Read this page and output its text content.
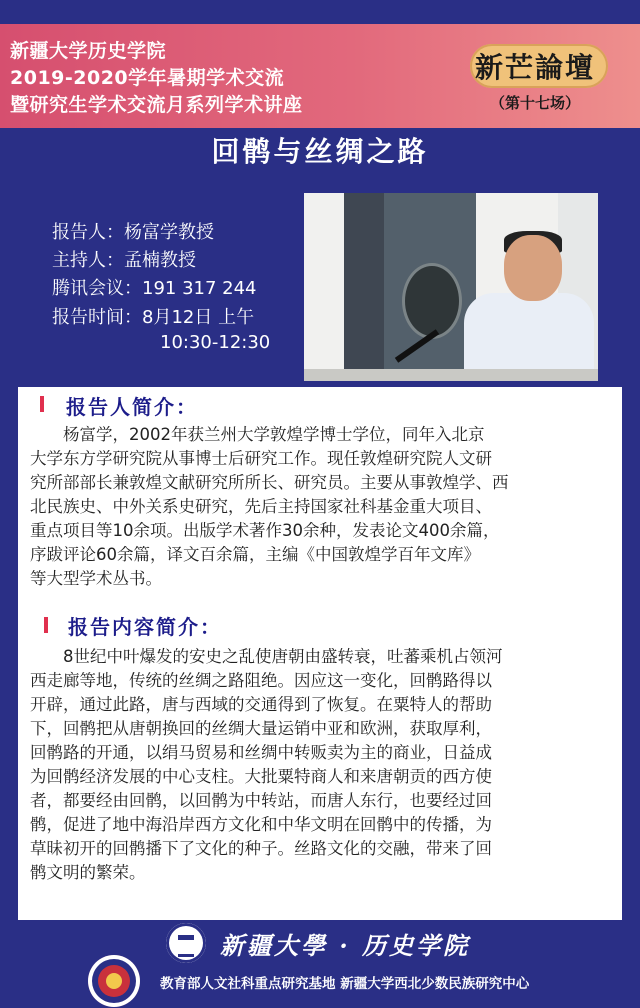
新疆大学历史学院
2019-2020学年暑期学术交流
暨研究生学术交流月系列学术讲座
新芒論壇
（第十七场）
回鹘与丝绸之路
报告人：杨富学教授
主持人：孟楠教授
腾讯会议：191 317 244
报告时间：8月12日 上午
10:30-12:30
报告人简介：
杨富学，2002年获兰州大学敦煌学博士学位，同年入北京
大学东方学研究院从事博士后研究工作。现任敦煌研究院人文研
究所部部长兼敦煌文献研究所所长、研究员。主要从事敦煌学、西
北民族史、中外关系史研究，先后主持国家社科基金重大项目、
重点项目等10余项。出版学术著作30余种，发表论文400余篇，
序跋评论60余篇，译文百余篇，主编《中国敦煌学百年文库》
等大型学术丛书。
报告内容简介：
8世纪中叶爆发的安史之乱使唐朝由盛转衰，吐蕃乘机占领河
西走廊等地，传统的丝绸之路阻绝。因应这一变化，回鹘路得以
开辟，通过此路，唐与西域的交通得到了恢复。在粟特人的帮助
下，回鹘把从唐朝换回的丝绸大量运销中亚和欧洲，获取厚利，
回鹘路的开通，以绢马贸易和丝绸中转贩卖为主的商业，日益成
为回鹘经济发展的中心支柱。大批粟特商人和来唐朝贡的西方使
者，都要经由回鹘，以回鹘为中转站，而唐人东行，也要经过回
鹘，促进了地中海沿岸西方文化和中华文明在回鹘中的传播，为
草昧初开的回鹘播下了文化的种子。丝路文化的交融，带来了回
鹘文明的繁荣。
新疆大學 · 历史学院
教育部人文社科重点研究基地 新疆大学西北少数民族研究中心
